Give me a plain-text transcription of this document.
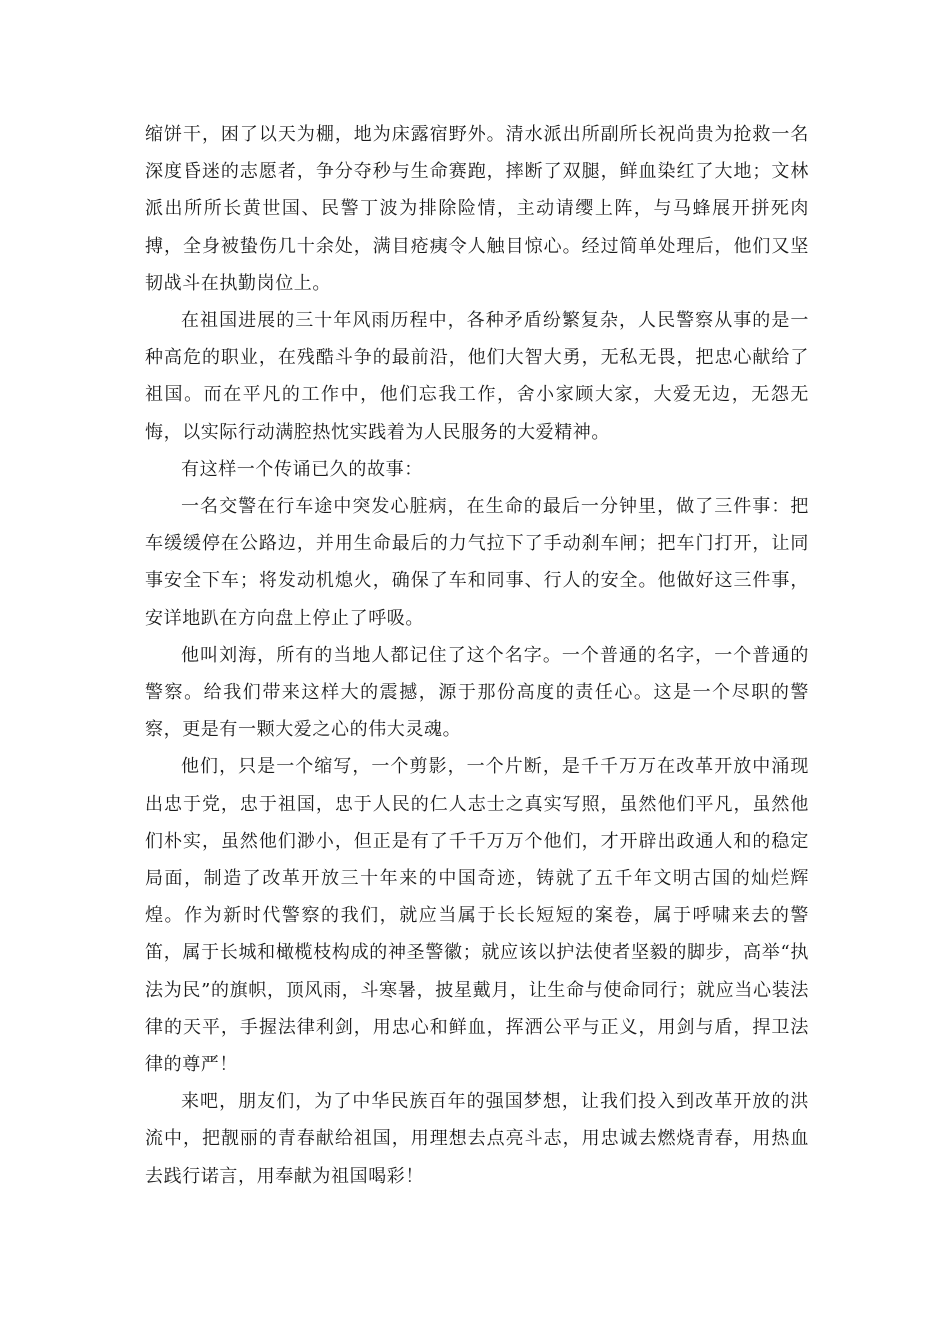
缩饼干，困了以天为棚，地为床露宿野外。清水派出所副所长祝尚贵为抢救一名深度昏迷的志愿者，争分夺秒与生命赛跑，摔断了双腿，鲜血染红了大地；文林派出所所长黄世国、民警丁波为排除险情，主动请缨上阵，与马蜂展开拼死肉搏，全身被蛰伤几十余处，满目疮痍令人触目惊心。经过简单处理后，他们又坚韧战斗在执勤岗位上。

在祖国进展的三十年风雨历程中，各种矛盾纷繁复杂，人民警察从事的是一种高危的职业，在残酷斗争的最前沿，他们大智大勇，无私无畏，把忠心献给了祖国。而在平凡的工作中，他们忘我工作，舍小家顾大家，大爱无边，无怨无悔，以实际行动满腔热忱实践着为人民服务的大爱精神。

有这样一个传诵已久的故事：

一名交警在行车途中突发心脏病，在生命的最后一分钟里，做了三件事：把车缓缓停在公路边，并用生命最后的力气拉下了手动刹车闸；把车门打开，让同事安全下车；将发动机熄火，确保了车和同事、行人的安全。他做好这三件事，安详地趴在方向盘上停止了呼吸。

他叫刘海，所有的当地人都记住了这个名字。一个普通的名字，一个普通的警察。给我们带来这样大的震撼，源于那份高度的责任心。这是一个尽职的警察，更是有一颗大爱之心的伟大灵魂。

他们，只是一个缩写，一个剪影，一个片断，是千千万万在改革开放中涌现出忠于党，忠于祖国，忠于人民的仁人志士之真实写照，虽然他们平凡，虽然他们朴实，虽然他们渺小，但正是有了千千万万个他们，才开辟出政通人和的稳定局面，制造了改革开放三十年来的中国奇迹，铸就了五千年文明古国的灿烂辉煌。作为新时代警察的我们，就应当属于长长短短的案卷，属于呼啸来去的警笛，属于长城和橄榄枝构成的神圣警徽；就应该以护法使者坚毅的脚步，高举“执法为民”的旗帜，顶风雨，斗寒暑，披星戴月，让生命与使命同行；就应当心装法律的天平，手握法律利剑，用忠心和鲜血，挥洒公平与正义，用剑与盾，捍卫法律的尊严！

来吧，朋友们，为了中华民族百年的强国梦想，让我们投入到改革开放的洪流中，把靓丽的青春献给祖国，用理想去点亮斗志，用忠诚去燃烧青春，用热血去践行诺言，用奉献为祖国喝彩！
